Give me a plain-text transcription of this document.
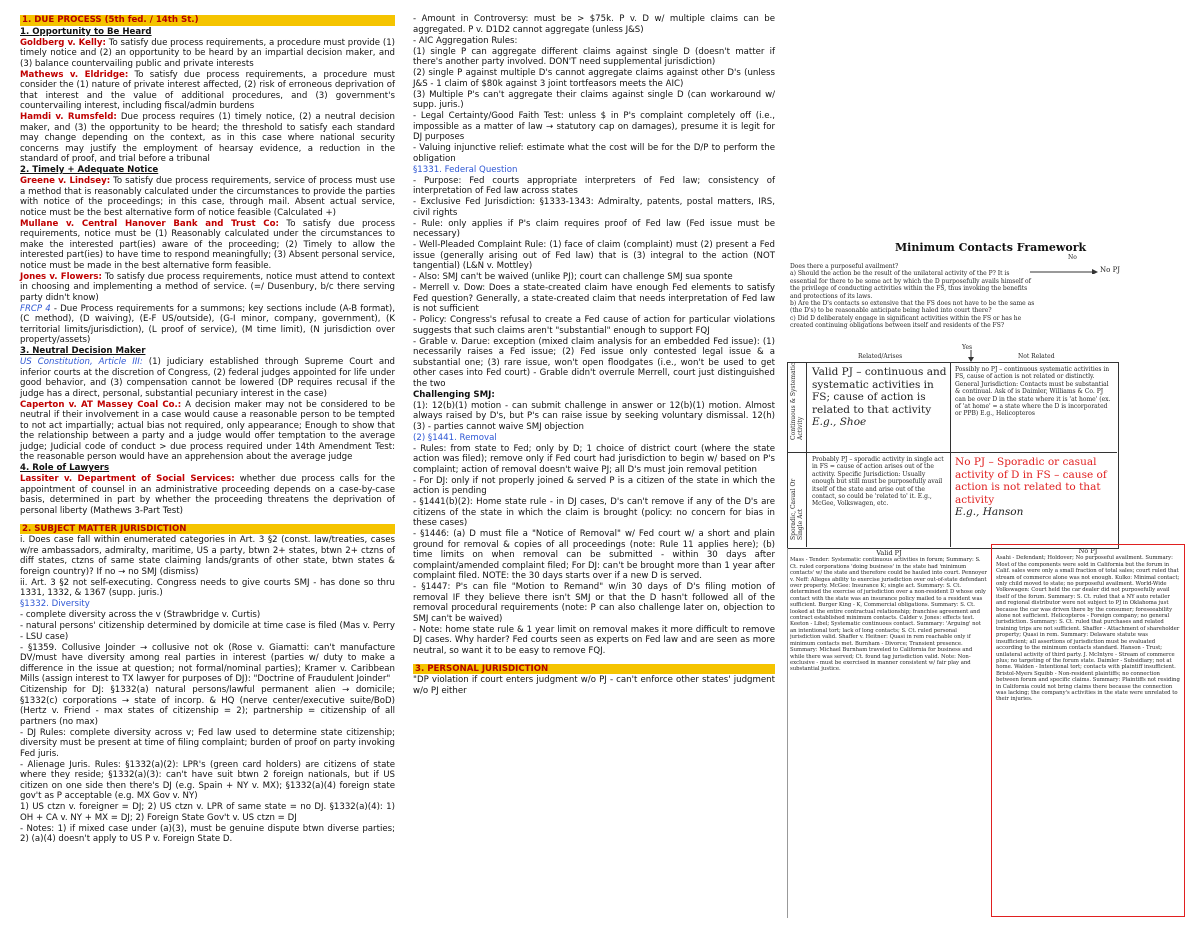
1. DUE PROCESS (5th fed. / 14th St.)
1. Opportunity to Be Heard
Goldberg v. Kelly: To satisfy due process requirements, a procedure must provide (1) timely notice and (2) an opportunity to be heard by an impartial decision maker, and (3) balance countervailing public and private interests
Mathews v. Eldridge: To satisfy due process requirements, a procedure must consider the (1) nature of private interest affected, (2) risk of erroneous deprivation of that interest and the value of additional procedures, and (3) government's countervailing interest, including fiscal/admin burdens
Hamdi v. Rumsfeld: Due process requires (1) timely notice, (2) a neutral decision maker, and (3) the opportunity to be heard; the threshold to satisfy each standard may change depending on the context, as in this case where national security concerns may justify the employment of hearsay evidence, a reduction in the standard of proof, and trial before a tribunal
2. Timely + Adequate Notice
Greene v. Lindsey: To satisfy due process requirements, service of process must use a method that is reasonably calculated under the circumstances to provide the parties with notice of the proceedings; in this case, through mail. Absent actual service, notice must be the best alternative form of notice feasible (Calculated +)
Mullane v. Central Hanover Bank and Trust Co: To satisfy due process requirements, notice must be (1) Reasonably calculated under the circumstances to make the interested part(ies) aware of the proceeding; (2) Timely to allow the interested part(ies) to have time to respond meaningfully; (3) Absent personal service, notice must be made in the best alternative form feasible.
Jones v. Flowers: To satisfy due process requirements, notice must attend to context in choosing and implementing a method of service. (=/ Dusenbury, b/c there serving party didn't know)
FRCP 4 - Due Process requirements for a summons; key sections include (A-B format), (C method), (D waiving), (E-F US/outside), (G-I minor, company, government), (K territorial limits/jurisdiction), (L proof of service), (M time limit), (N jurisdiction over property/assets)
3. Neutral Decision Maker
US Constitution, Article III: (1) judiciary established through Supreme Court and inferior courts at the discretion of Congress, (2) federal judges appointed for life under good behavior, and (3) compensation cannot be lowered (DP requires recusal if the judge has a direct, personal, substantial pecuniary interest in the case)
Caperton v. AT Massey Coal Co.: A decision maker may not be considered to be neutral if their involvement in a case would cause a reasonable person to be tempted to not act impartially; actual bias not required, only appearance; Enough to show that the relationship between a party and a judge would offer temptation to the average judge; Judicial code of conduct > due process required under 14th Amendment Test: the reasonable person would have an apprehension about the average judge
4. Role of Lawyers
Lassiter v. Department of Social Services: whether due process calls for the appointment of counsel in an administrative proceeding depends on a case-by-case basis, determined in part by whether the proceeding threatens the deprivation of personal liberty (Mathews 3-Part Test)
2. SUBJECT MATTER JURISDICTION
i. Does case fall within enumerated categories in Art. 3 §2 (const. law/treaties, cases w/re ambassadors, admiralty, maritime, US a party, btwn 2+ states, btwn 2+ ctzns of diff states, ctzns of same state claiming lands/grants of other state, btwn states & foreign country)? If no → no SMJ (dismiss)
ii. Art. 3 §2 not self-executing. Congress needs to give courts SMJ - has done so thru 1331, 1332, & 1367 (supp. juris.)
§1332. Diversity
- complete diversity across the v (Strawbridge v. Curtis)
- natural persons' citizenship determined by domicile at time case is filed (Mas v. Perry - LSU case)
- §1359. Collusive Joinder → collusive not ok (Rose v. Giamatti: can't manufacture DV/must have diversity among real parties in interest (parties w/ duty to make a difference in the issue at question; not formal/nominal parties); Kramer v. Caribbean Mills (assign interest to TX lawyer for purposes of DJ): "Doctrine of Fraudulent Joinder"
Citizenship for DJ: §1332(a) natural persons/lawful permanent alien → domicile; §1332(c) corporations → state of incorp. & HQ (nerve center/executive suite/BoD) (Hertz v. Friend - max states of citizenship = 2); partnership = citizenship of all partners (no max)
- DJ Rules: complete diversity across v; Fed law used to determine state citizenship; diversity must be present at time of filing complaint; burden of proof on party invoking Fed juris.
- Alienage Juris. Rules: §1332(a)(2): LPR's (green card holders) are citizens of state where they reside; §1332(a)(3): can't have suit btwn 2 foreign nationals, but if US citizen on one side then there's DJ (e.g. Spain + NY v. MX); §1332(a)(4) foreign state gov't as P acceptable (e.g. MX Gov v. NY)
1) US ctzn v. foreigner = DJ; 2) US ctzn v. LPR of same state = no DJ. §1332(a)(4): 1) OH + CA v. NY + MX = DJ; 2) Foreign State Gov't v. US ctzn = DJ
- Notes: 1) if mixed case under (a)(3), must be genuine dispute btwn diverse parties; 2) (a)(4) doesn't apply to US P v. Foreign State D.
- Amount in Controversy: must be > $75k. P v. D w/ multiple claims can be aggregated. P v. D1D2 cannot aggregate (unless J&S)
- AIC Aggregation Rules:
(1) single P can aggregate different claims against single D (doesn't matter if there's another party involved. DON'T need supplemental jurisdiction)
(2) single P against multiple D's cannot aggregate claims against other D's (unless J&S - 1 claim of $80k against 3 joint tortfeasors meets the AIC)
(3) Multiple P's can't aggregate their claims against single D (can workaround w/ supp. juris.)
- Legal Certainty/Good Faith Test: unless $ in P's complaint completely off (i.e., impossible as a matter of law → statutory cap on damages), presume it is legit for DJ purposes
- Valuing injunctive relief: estimate what the cost will be for the D/P to perform the obligation
§1331. Federal Question
- Purpose: Fed courts appropriate interpreters of Fed law; consistency of interpretation of Fed law across states
- Exclusive Fed Jurisdiction: §1333-1343: Admiralty, patents, postal matters, IRS, civil rights
- Rule: only applies if P's claim requires proof of Fed law (Fed issue must be necessary)
- Well-Pleaded Complaint Rule: (1) face of claim (complaint) must (2) present a Fed issue (generally arising out of Fed law) that is (3) integral to the action (NOT tangential) (L&N v. Mottley)
- Also: SMJ can't be waived (unlike PJ); court can challenge SMJ sua sponte
- Merrell v. Dow: Does a state-created claim have enough Fed elements to satisfy Fed question? Generally, a state-created claim that needs interpretation of Fed law is not sufficient
- Policy: Congress's refusal to create a Fed cause of action for particular violations suggests that such claims aren't "substantial" enough to support FQJ
- Grable v. Darue: exception (mixed claim analysis for an embedded Fed issue): (1) necessarily raises a Fed issue; (2) Fed issue only contested legal issue & a substantial one; (3) rare issue, won't open floodgates (i.e., won't be used to get other cases into Fed court) - Grable didn't overrule Merrell, court just distinguished the two
Challenging SMJ:
(1): 12(b)(1) motion - can submit challenge in answer or 12(b)(1) motion. Almost always raised by D's, but P's can raise issue by seeking voluntary dismissal. 12(h)(3) - parties cannot waive SMJ objection
(2) §1441. Removal
- Rules: from state to Fed; only by D; 1 choice of district court (where the state action was filed); remove only if Fed court had jurisdiction to begin w/ based on P's complaint; action of removal doesn't waive PJ; all D's must join removal petition
- For DJ: only if not properly joined & served P is a citizen of the state in which the action is pending
- §1441(b)(2): Home state rule - in DJ cases, D's can't remove if any of the D's are citizens of the state in which the claim is brought (policy: no concern for bias in these cases)
- §1446: (a) D must file a "Notice of Removal" w/ Fed court w/ a short and plain ground for removal & copies of all proceedings (note: Rule 11 applies here); (b) time limits on when removal can be submitted - within 30 days after complaint/amended complaint filed; For DJ: can't be brought more than 1 year after complaint filed. NOTE: the 30 days starts over if a new D is served.
- §1447: P's can file "Motion to Remand" w/in 30 days of D's filing motion of removal IF they believe there isn't SMJ or that the D hasn't followed all of the removal procedural requirements (note: P can also challenge later on, objection to SMJ can't be waived)
- Note: home state rule & 1 year limit on removal makes it more difficult to remove DJ cases. Why harder? Fed courts seen as experts on Fed law and are seen as more neutral, so want it to be easy to remove FQJ.
3. PERSONAL JURISDICTION
"DP violation if court enters judgment w/o PJ - can't enforce other states' judgment w/o PJ either
Minimum Contacts Framework
No
No PJ
Does there a purposeful availment?
a) Should the action be the result of the unilateral activity of the P? It is essential for there to be some act by which the D purposefully avails himself of the privilege of conducting activities within the FS, thus invoking the benefits and protections of its laws.
b) Are the D's contacts so extensive that the FS does not have to be the same as (the D's) to be reasonable anticipate being haled into court there?
c) Did D deliberately engage in significant activities within the FS or has he created continuing obligations between itself and residents of the FS?
Yes
Related/Arises	Not Related
Continuous & Systematic Activity
Sporadic, Casual Or Single Act
Valid PJ – continuous and systematic activities in FS; cause of action is related to that activity
E.g., Shoe
Possibly no PJ – continuous systematic activities in FS, cause of action is not related or distinctly. General Jurisdiction: Contacts must be substantial & continual. Ask of is Daimler, Williams & Co. PJ can be over D in the state where it is 'at home' (ex. of 'at home' = a state where the D is incorporated or PPB) E.g., Helicopteros
Probably PJ – sporadic activity in single act in FS = cause of action arises out of the activity. Specific Jurisdiction: Usually enough but still must be purposefully avail itself of the state and arise out of the contact, so could be 'related to' it. E.g., McGee, Volkswagen, etc.
No PJ – Sporadic or casual activity of D in FS – cause of action is not related to that activity
E.g., Hanson

Valid PJ

Mass - Tender: Systematic continuous activities in forum; Summary: S. Ct. ruled corporations 'doing business' in the state had 'minimum contacts' w/ the state and therefore could be hauled into court. Pennoyer v. Neff: Alleges ability to exercise jurisdiction over out-of-state defendant over property. McGee: Insurance K; single act. Summary: S. Ct. determined the exercise of jurisdiction over a non-resident D whose only contact with the state was an insurance policy mailed to a resident was sufficient. Burger King - K, Commercial obligations. Summary: S. Ct. looked at the entire contractual relationship; franchise agreement and contract established minimum contacts. Calder v. Jones: effects test. Keeton - Libel; Systematic continuous contact. Summary: 'Arguing' not an intentional tort; lack of long contacts; S. Ct. ruled personal jurisdiction valid. Shaffer v. Heitner: Quasi in rem reachable only if minimum contacts met. Burnham - Divorce; Transient presence. Summary: Michael Burnham traveled to California for business and while there was served; Ct. found tag jurisdiction valid. Note: Non-exclusive - must be exercised in manner consistent w/ fair play and substantial justice.

No PJ

Asahi - Defendant; Holdover; No purposeful availment. Summary: Most of the components were sold in California but the forum in Calif. sales were only a small fraction of total sales; court ruled that stream of commerce alone was not enough. Kulko: Minimal contact; only child moved to state; no purposeful availment. World-Wide Volkswagen: Court held the car dealer did not purposefully avail itself of the forum. Summary: S. Ct. ruled that a NY auto retailer and regional distributor were not subject to PJ in Oklahoma just because the car was driven there by the consumer; foreseeability alone not sufficient. Helicopteros - Foreign company; no general jurisdiction. Summary: S. Ct. ruled that purchases and related training trips are not sufficient. Shaffer - Attachment of shareholder property; Quasi in rem. Summary: Delaware statute was insufficient; all assertions of jurisdiction must be evaluated according to the minimum contacts standard. Hanson - Trust; unilateral activity of third party. J. McIntyre - Stream of commerce plus; no targeting of the forum state. Daimler - Subsidiary; not at home. Walden - Intentional tort; contacts with plaintiff insufficient. Bristol-Myers Squibb - Non-resident plaintiffs; no connection between forum and specific claims. Summary: Plaintiffs not residing in California could not bring claims there because the connection was lacking; the company's activities in the state were unrelated to their injuries.
